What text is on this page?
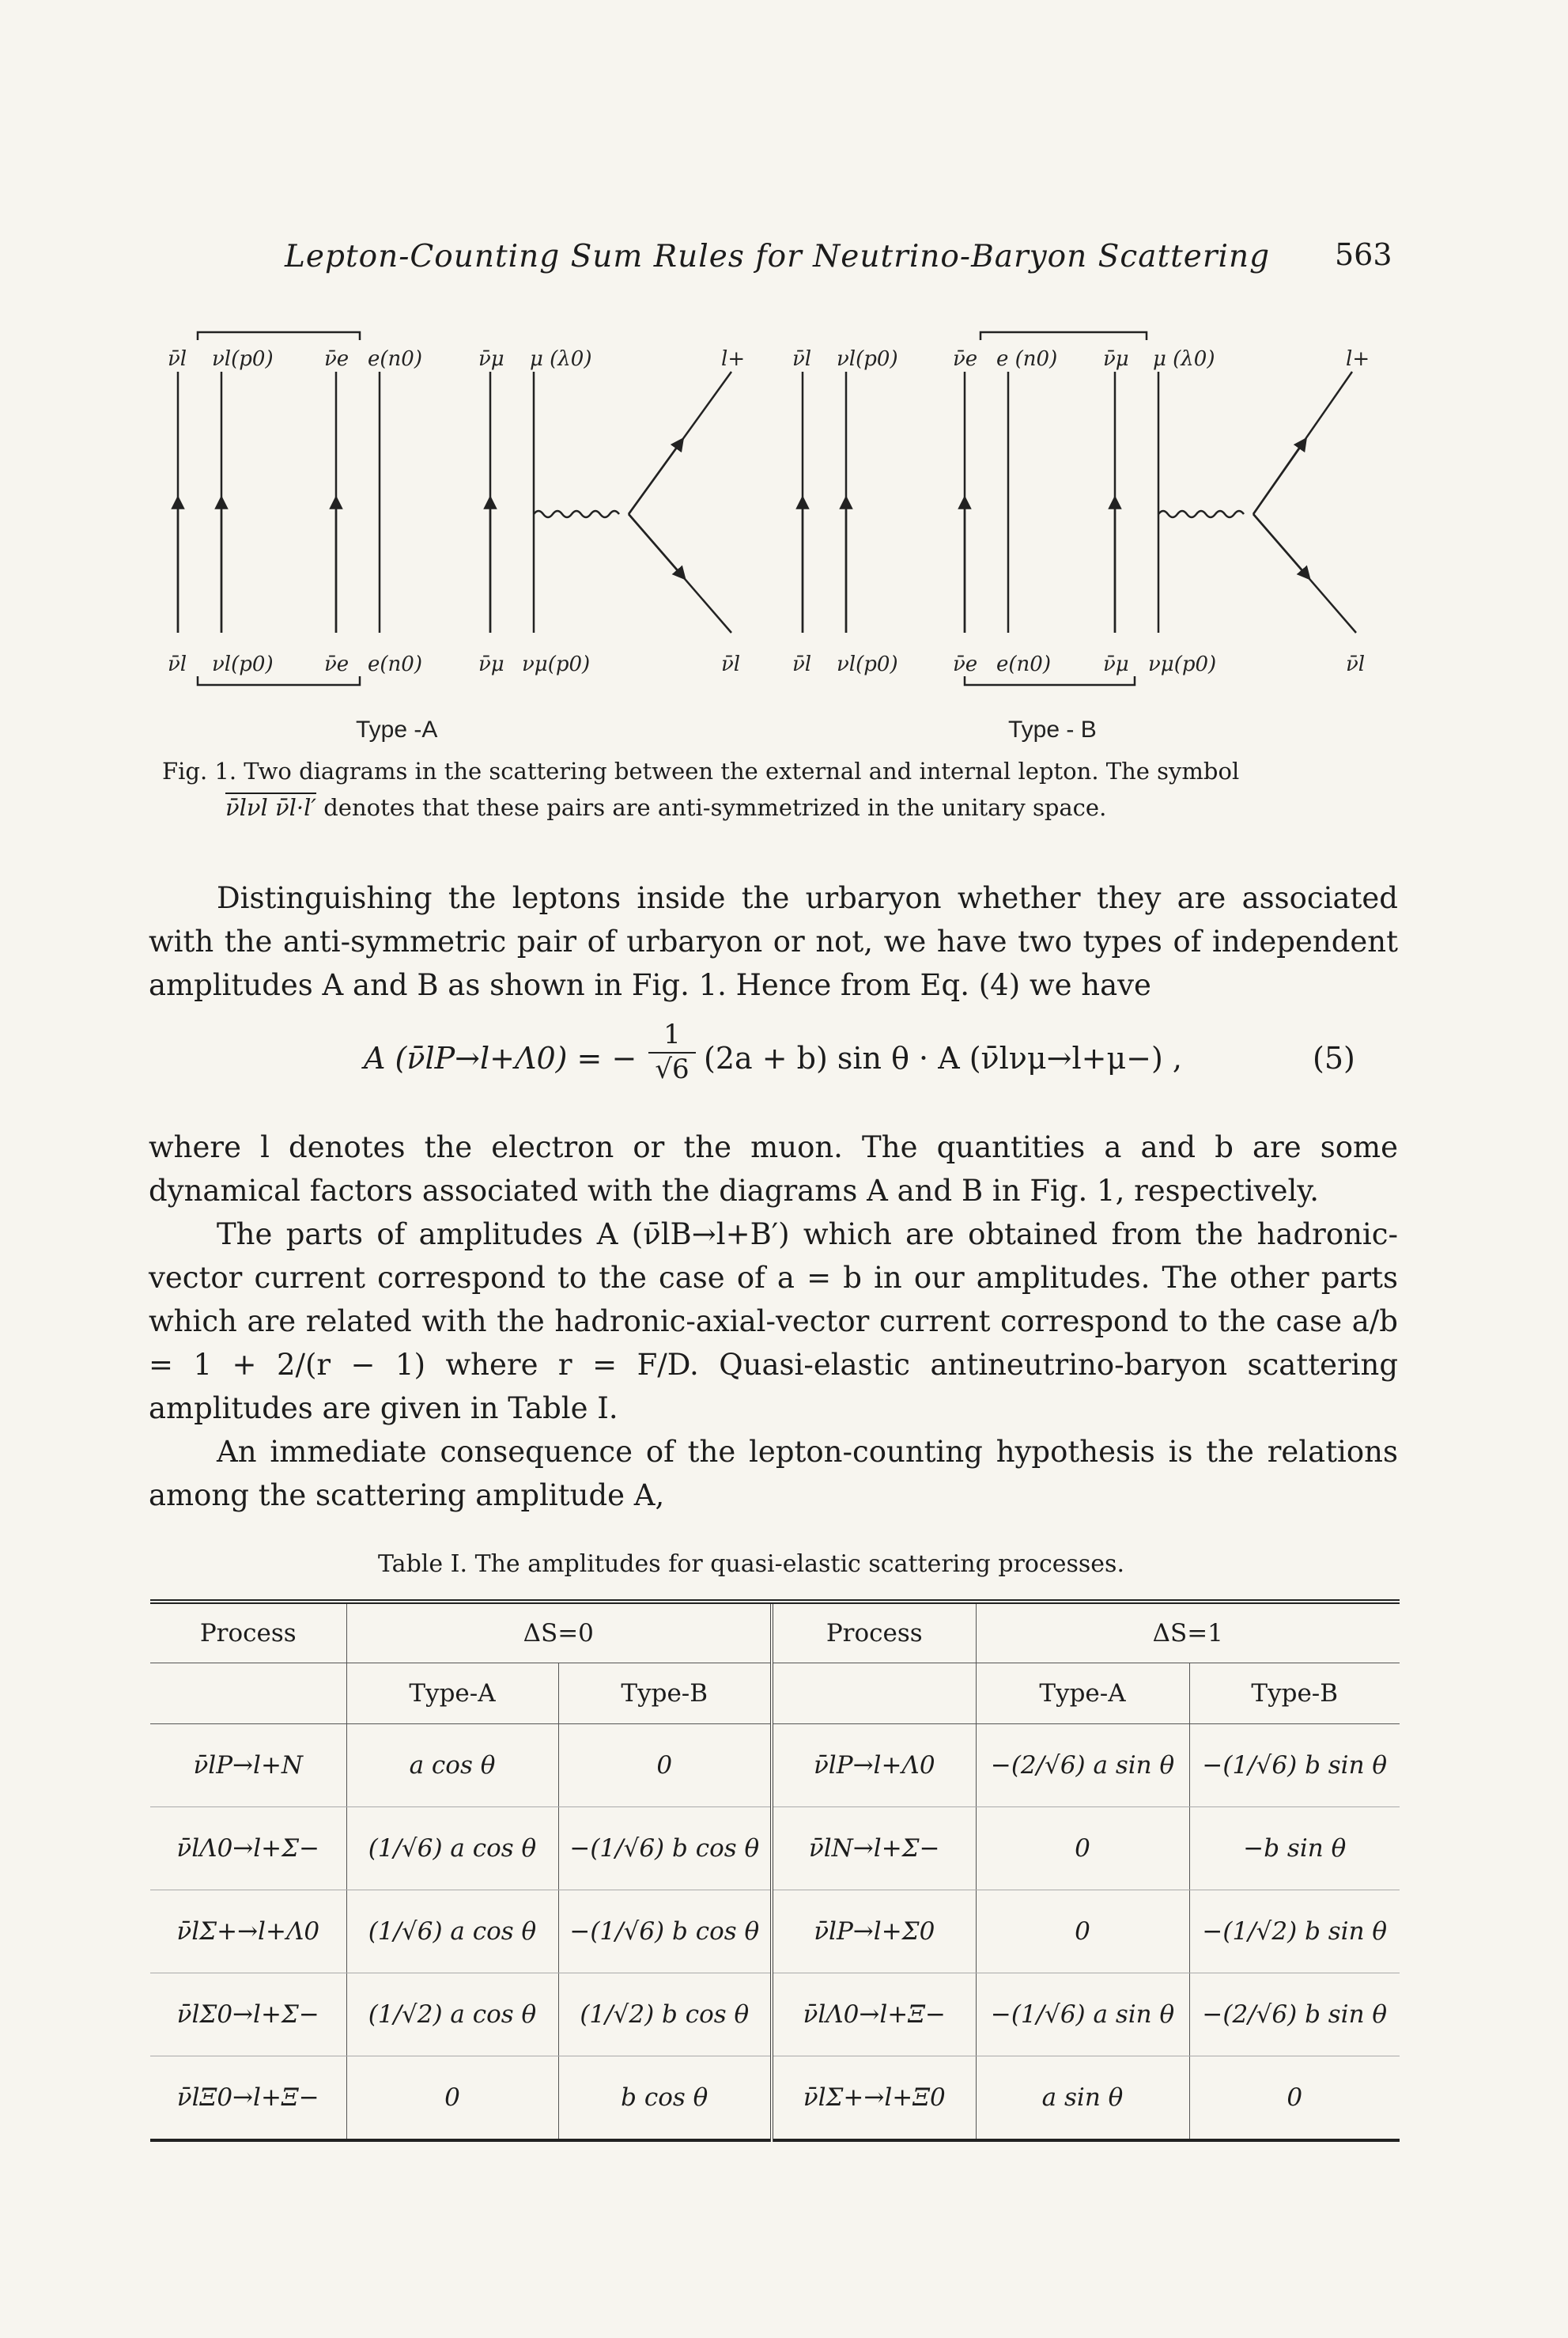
Lepton-Counting Sum Rules for Neutrino-Baryon Scattering 563
ν̄l νl(p0) ν̄e e(n0)	ν̄μ μ (λ0)	l+ ν̄l νl(p0)	ν̄e e (n0) ν̄μ μ (λ0)	l+
ν̄l νl(p0) ν̄e e(n0)	ν̄μ νμ(p0)	ν̄l	ν̄l νl(p0)	ν̄e e(n0)	ν̄μ νμ(p0)	ν̄l
Type -A	Type - B
Fig. 1. Two diagrams in the scattering between the external and internal lepton. The symbol
ν̄lνl ν̄l·l′ denotes that these pairs are anti-symmetrized in the unitary space.

Distinguishing the leptons inside the urbaryon whether they are associated with the anti-symmetric pair of urbaryon or not, we have two types of independent amplitudes A and B as shown in Fig. 1. Hence from Eq. (4) we have

A (ν̄lP→l+Λ0) = − $\frac{1}{√6} (2a + b)$ sin θ · A (ν̄lνμ→l+μ−) ,	(5)

where l denotes the electron or the muon. The quantities a and b are some dynamical factors associated with the diagrams A and B in Fig. 1, respectively.

The parts of amplitudes A (ν̄lB→l+B′) which are obtained from the hadronic-vector current correspond to the case of a = b in our amplitudes. The other parts which are related with the hadronic-axial-vector current correspond to the case a/b = 1 + 2/(r − 1) where r = F/D. Quasi-elastic antineutrino-baryon scattering amplitudes are given in Table I.

An immediate consequence of the lepton-counting hypothesis is the relations among the scattering amplitude A,

Table I. The amplitudes for quasi-elastic scattering processes.
Process	ΔS=0		Process	ΔS=1	
	Type-A	Type-B		Type-A	Type-B
ν̄lP→l+N	a cos θ	0	ν̄lP→l+Λ0	−(2/√6) a sin θ	−(1/√6) b sin θ
ν̄lΛ0→l+Σ−	(1/√6) a cos θ	−(1/√6) b cos θ	ν̄lN→l+Σ−	0	−b sin θ
ν̄lΣ+→l+Λ0	(1/√6) a cos θ	−(1/√6) b cos θ	ν̄lP→l+Σ0	0	−(1/√2) b sin θ
ν̄lΣ0→l+Σ−	(1/√2) a cos θ	(1/√2) b cos θ	ν̄lΛ0→l+Ξ−	−(1/√6) a sin θ	−(2/√6) b sin θ
ν̄lΞ0→l+Ξ−	0	b cos θ	ν̄lΣ+→l+Ξ0	a sin θ	0
